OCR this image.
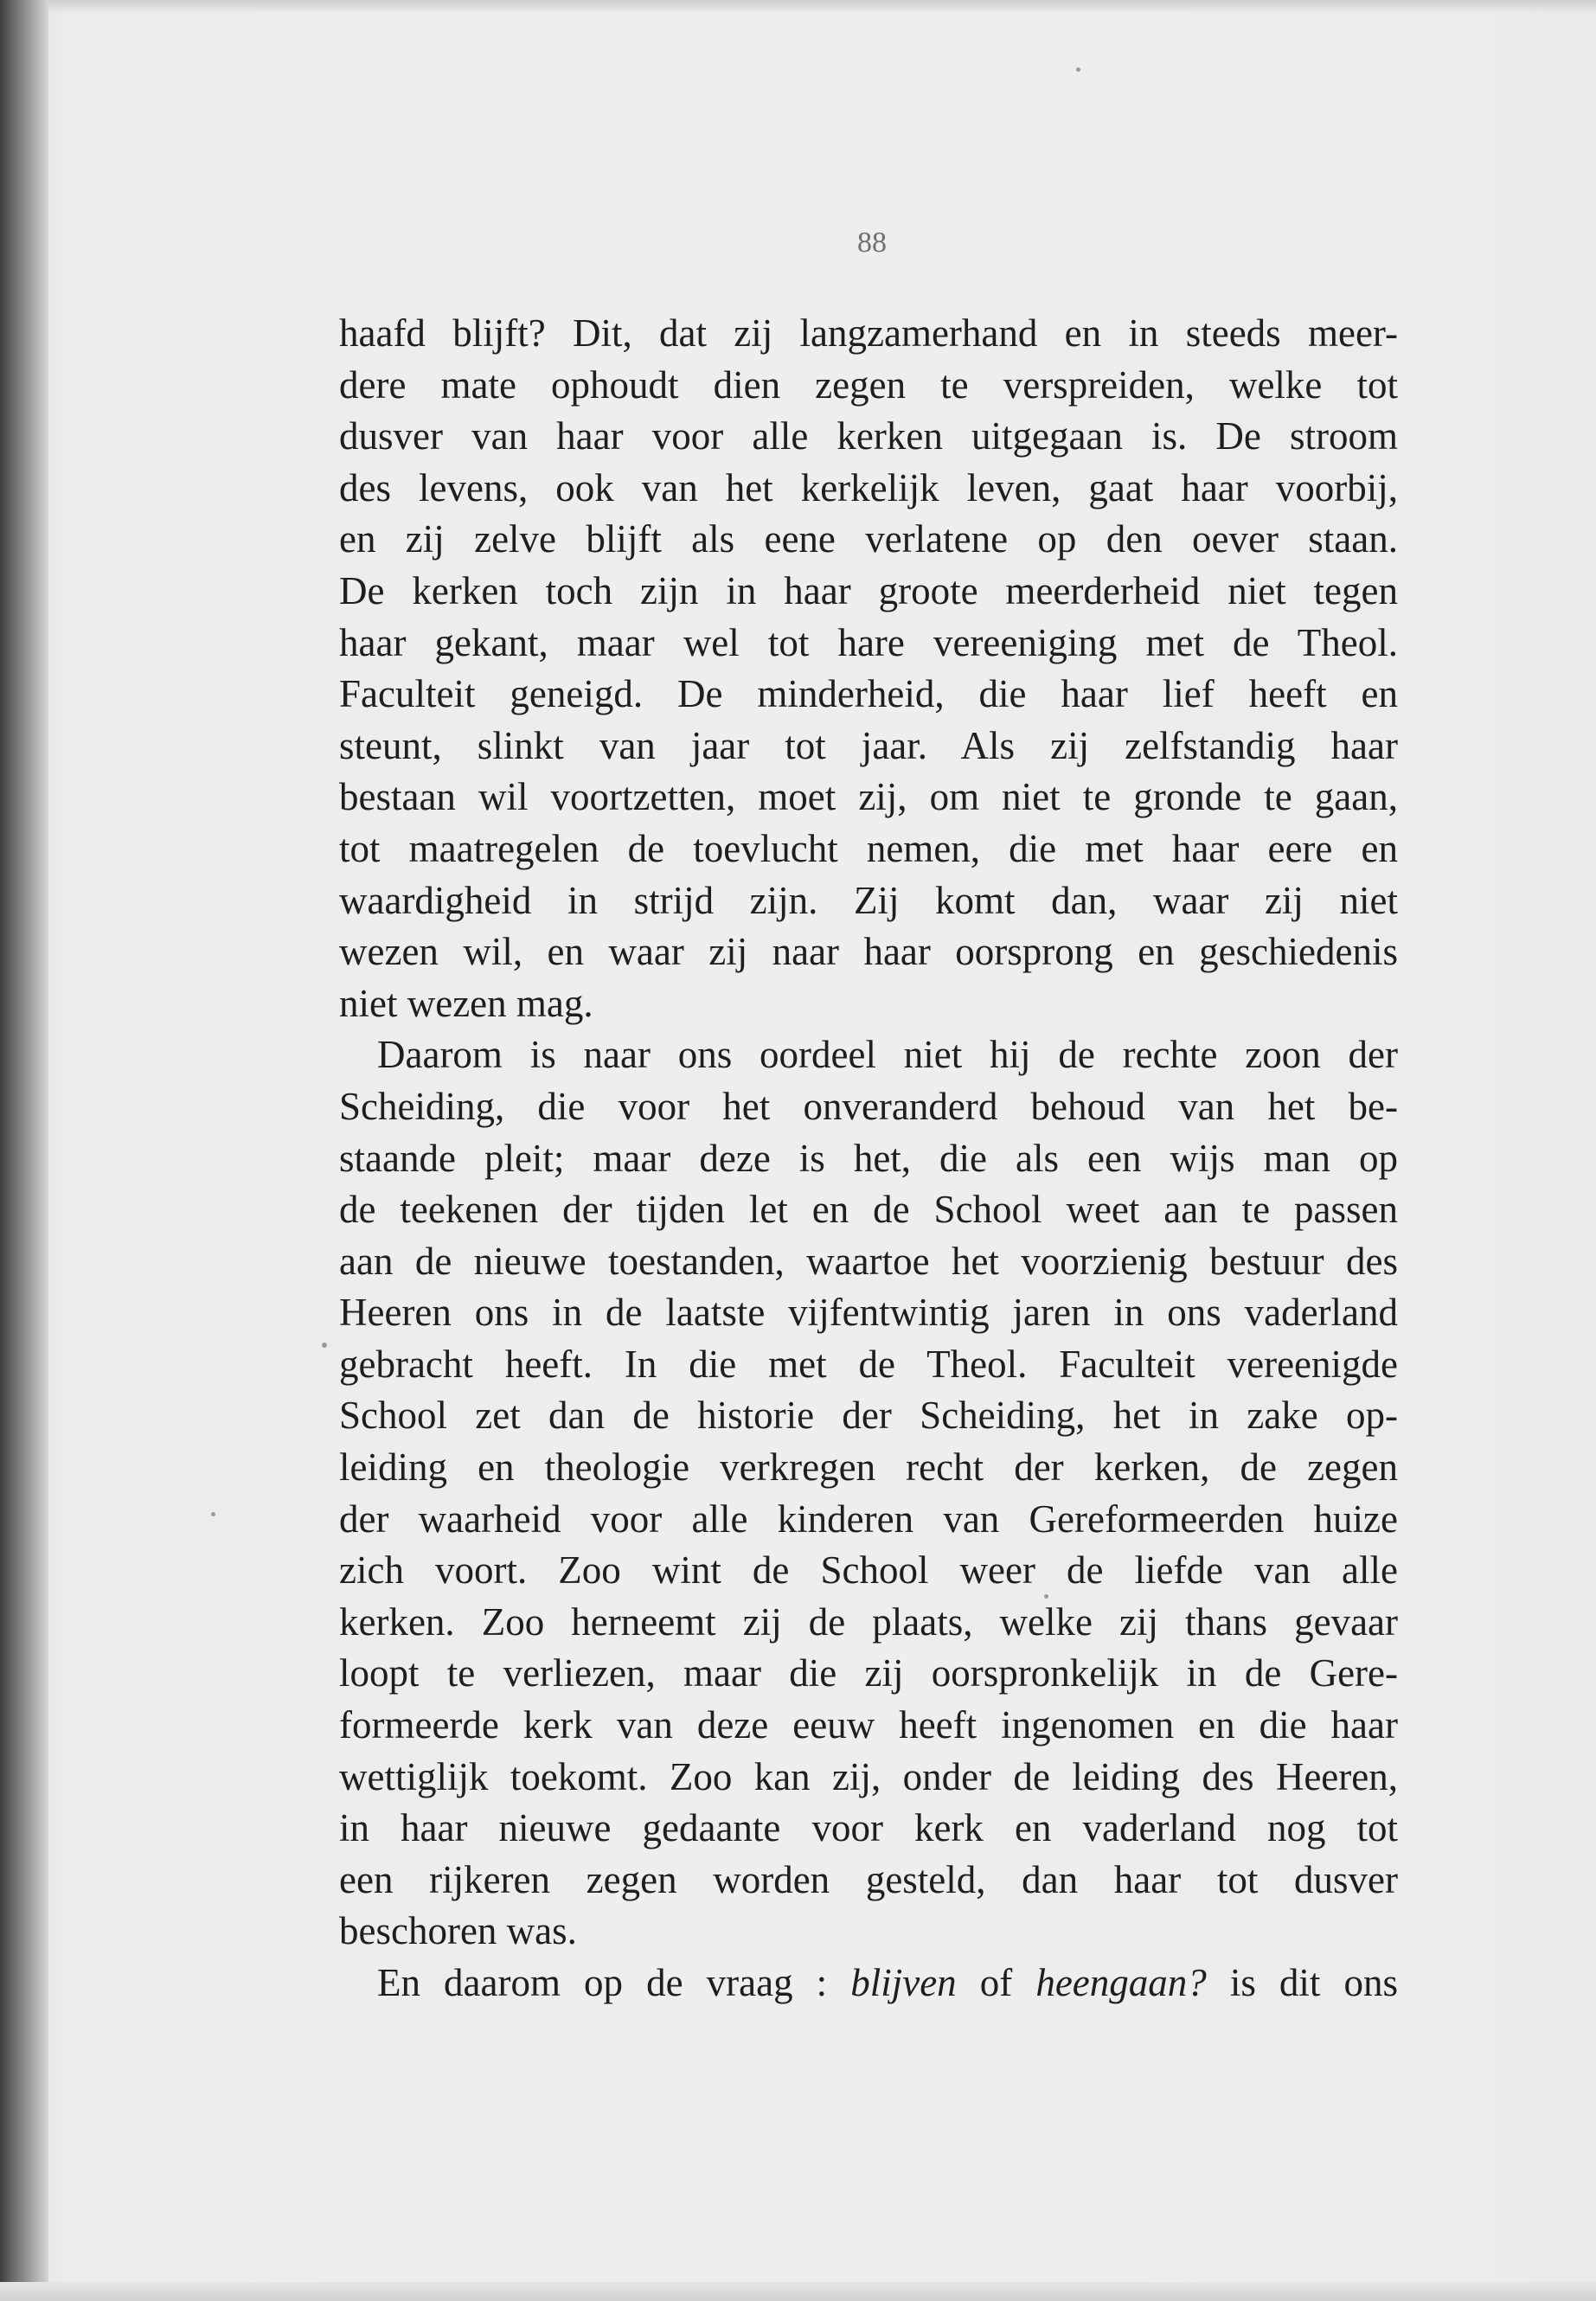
88
haafd blijft? Dit, dat zij langzamerhand en in steeds meer-
dere mate ophoudt dien zegen te verspreiden, welke tot
dusver van haar voor alle kerken uitgegaan is. De stroom
des levens, ook van het kerkelijk leven, gaat haar voorbij,
en zij zelve blijft als eene verlatene op den oever staan.
De kerken toch zijn in haar groote meerderheid niet tegen
haar gekant, maar wel tot hare vereeniging met de Theol.
Faculteit geneigd. De minderheid, die haar lief heeft en
steunt, slinkt van jaar tot jaar. Als zij zelfstandig haar
bestaan wil voortzetten, moet zij, om niet te gronde te gaan,
tot maatregelen de toevlucht nemen, die met haar eere en
waardigheid in strijd zijn. Zij komt dan, waar zij niet
wezen wil, en waar zij naar haar oorsprong en geschiedenis
niet wezen mag.
Daarom is naar ons oordeel niet hij de rechte zoon der
Scheiding, die voor het onveranderd behoud van het be-
staande pleit; maar deze is het, die als een wijs man op
de teekenen der tijden let en de School weet aan te passen
aan de nieuwe toestanden, waartoe het voorzienig bestuur des
Heeren ons in de laatste vijfentwintig jaren in ons vaderland
gebracht heeft. In die met de Theol. Faculteit vereenigde
School zet dan de historie der Scheiding, het in zake op-
leiding en theologie verkregen recht der kerken, de zegen
der waarheid voor alle kinderen van Gereformeerden huize
zich voort. Zoo wint de School weer de liefde van alle
kerken. Zoo herneemt zij de plaats, welke zij thans gevaar
loopt te verliezen, maar die zij oorspronkelijk in de Gere-
formeerde kerk van deze eeuw heeft ingenomen en die haar
wettiglijk toekomt. Zoo kan zij, onder de leiding des Heeren,
in haar nieuwe gedaante voor kerk en vaderland nog tot
een rijkeren zegen worden gesteld, dan haar tot dusver
beschoren was.
En daarom op de vraag : blijven of heengaan? is dit ons
